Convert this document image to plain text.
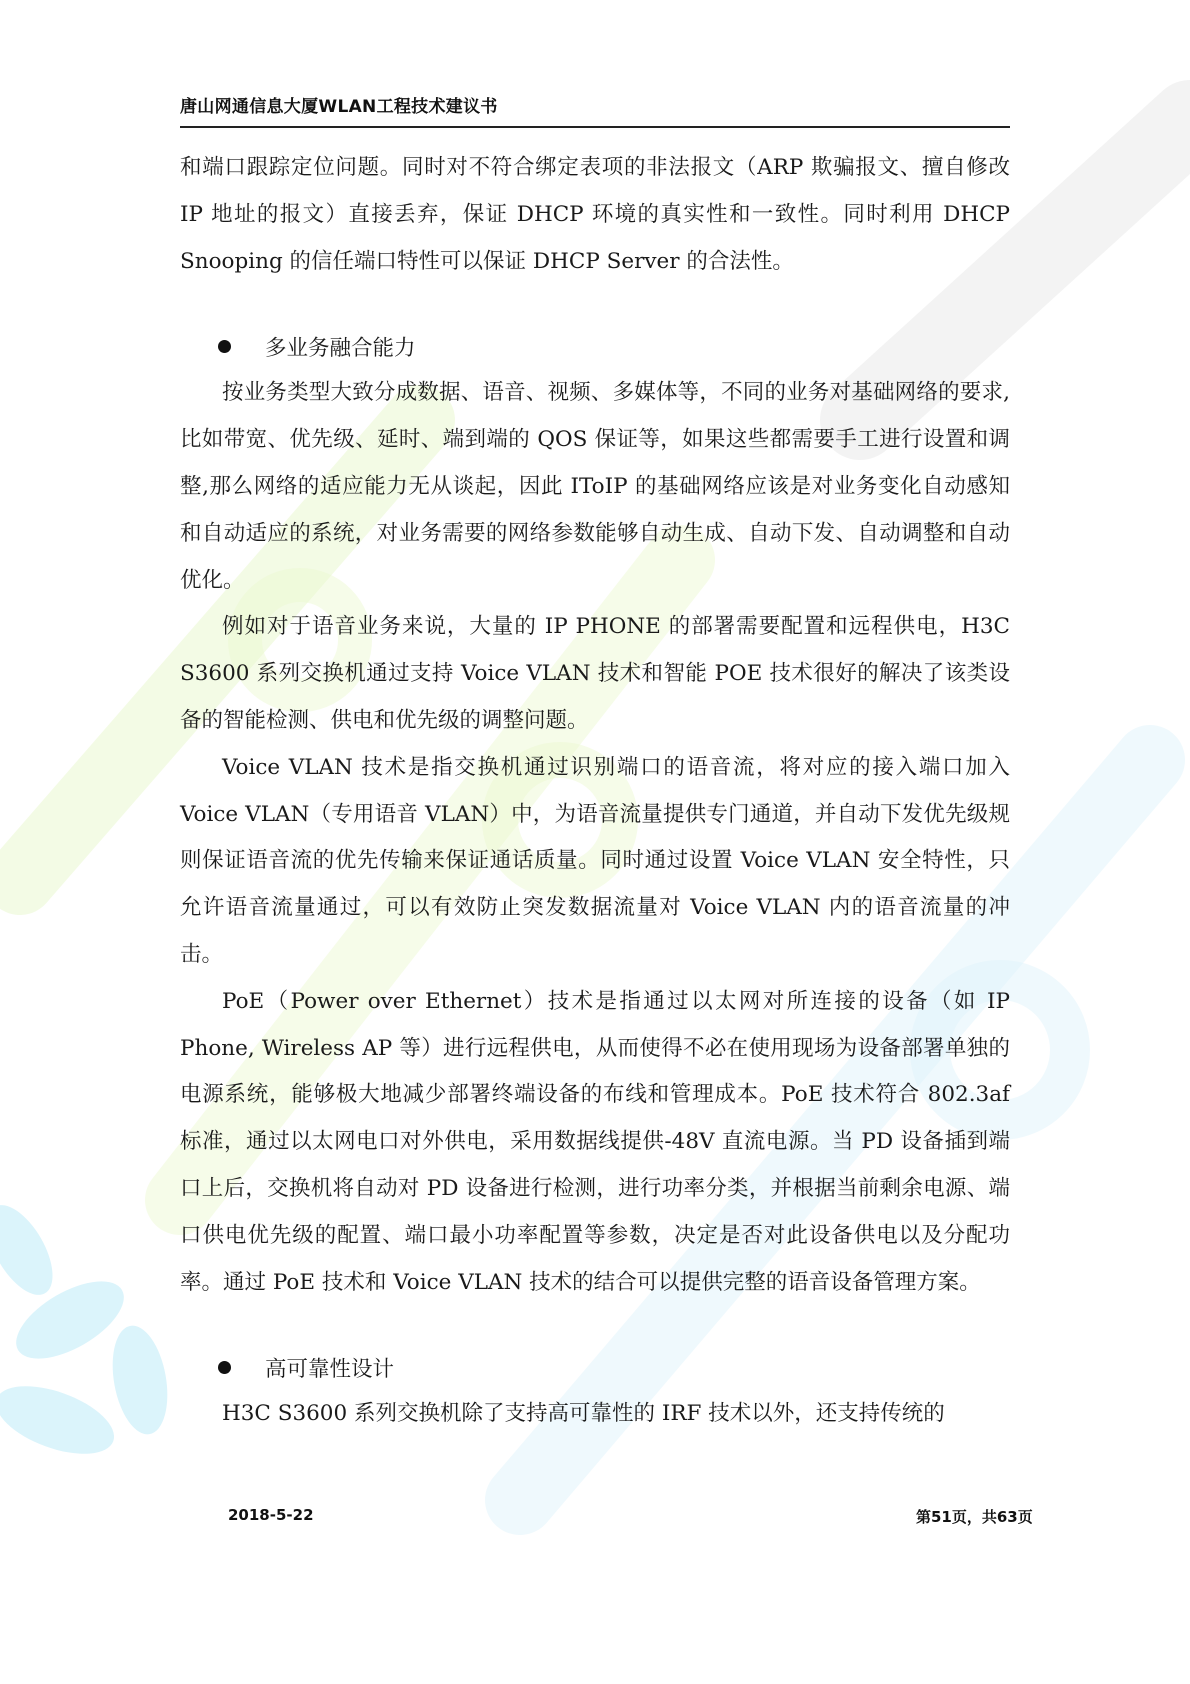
唐山网通信息大厦WLAN工程技术建议书

和端口跟踪定位问题。同时对不符合绑定表项的非法报文（ARP 欺骗报文、擅自修改 IP 地址的报文）直接丢弃，保证 DHCP 环境的真实性和一致性。同时利用 DHCP Snooping 的信任端口特性可以保证 DHCP Server 的合法性。

多业务融合能力

按业务类型大致分成数据、语音、视频、多媒体等，不同的业务对基础网络的要求,比如带宽、优先级、延时、端到端的 QOS 保证等，如果这些都需要手工进行设置和调整,那么网络的适应能力无从谈起，因此 IToIP 的基础网络应该是对业务变化自动感知和自动适应的系统，对业务需要的网络参数能够自动生成、自动下发、自动调整和自动优化。

例如对于语音业务来说，大量的 IP PHONE 的部署需要配置和远程供电，H3C S3600 系列交换机通过支持 Voice VLAN 技术和智能 POE 技术很好的解决了该类设备的智能检测、供电和优先级的调整问题。

Voice VLAN 技术是指交换机通过识别端口的语音流，将对应的接入端口加入 Voice VLAN（专用语音 VLAN）中，为语音流量提供专门通道，并自动下发优先级规则保证语音流的优先传输来保证通话质量。同时通过设置 Voice VLAN 安全特性，只允许语音流量通过，可以有效防止突发数据流量对 Voice VLAN 内的语音流量的冲击。

PoE（Power over Ethernet）技术是指通过以太网对所连接的设备（如 IP Phone, Wireless AP 等）进行远程供电，从而使得不必在使用现场为设备部署单独的电源系统，能够极大地减少部署终端设备的布线和管理成本。PoE 技术符合 802.3af 标准，通过以太网电口对外供电，采用数据线提供-48V 直流电源。当 PD 设备插到端口上后，交换机将自动对 PD 设备进行检测，进行功率分类，并根据当前剩余电源、端口供电优先级的配置、端口最小功率配置等参数，决定是否对此设备供电以及分配功率。通过 PoE 技术和 Voice VLAN 技术的结合可以提供完整的语音设备管理方案。

高可靠性设计

H3C S3600 系列交换机除了支持高可靠性的 IRF 技术以外，还支持传统的

2018-5-22	第51页，共63页
